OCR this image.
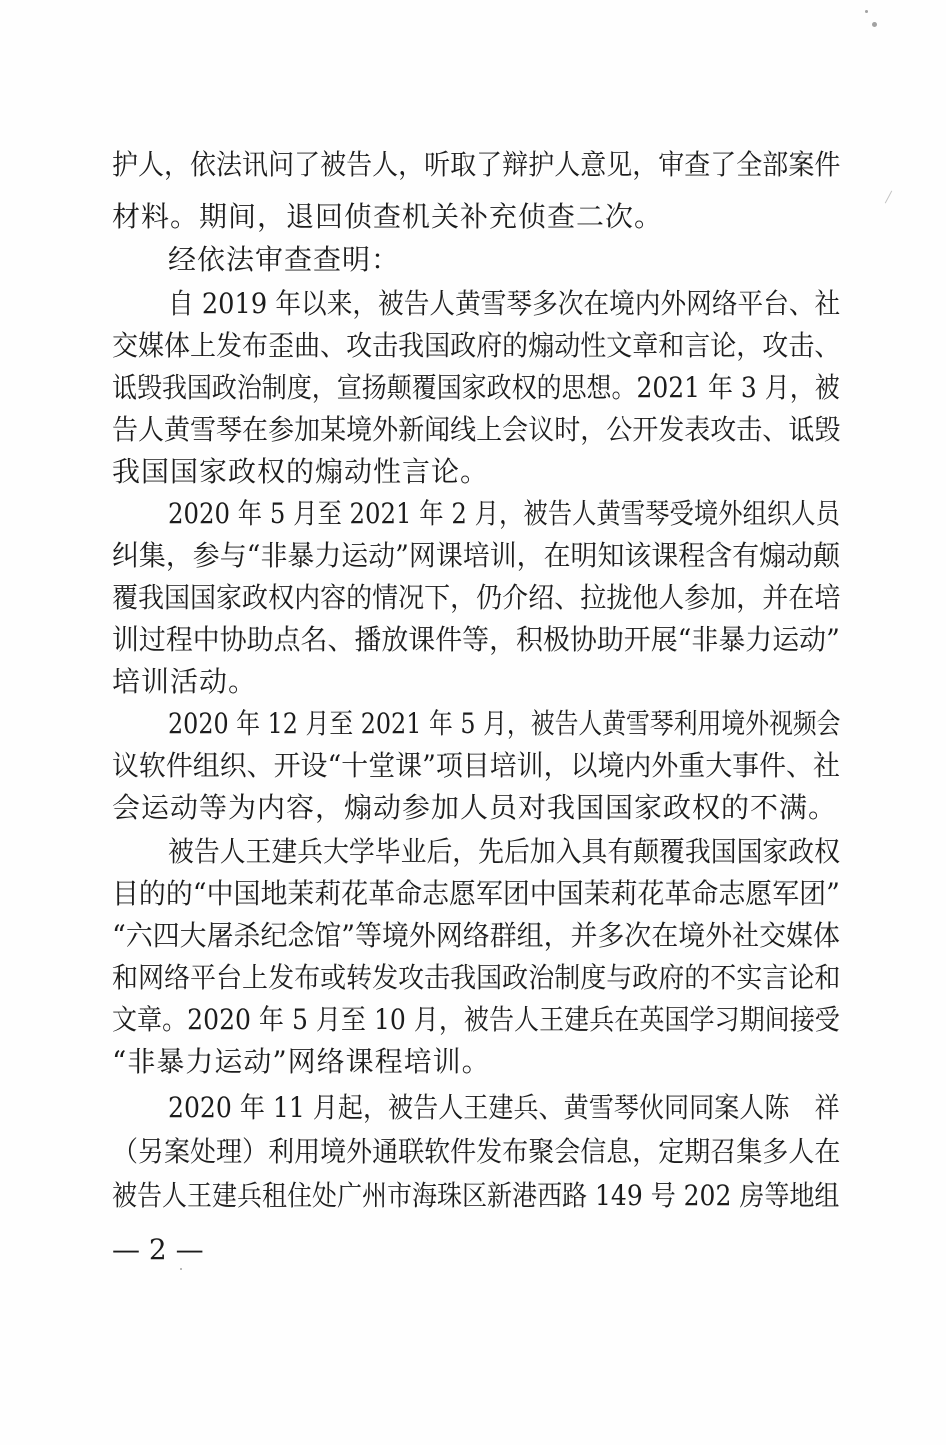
护人，依法讯问了被告人，听取了辩护人意见，审查了全部案件
材料。期间，退回侦查机关补充侦查二次。
经依法审查查明：
自 2019 年以来，被告人黄雪琴多次在境内外网络平台、社
交媒体上发布歪曲、攻击我国政府的煽动性文章和言论，攻击、
诋毁我国政治制度，宣扬颠覆国家政权的思想。2021 年 3 月，被
告人黄雪琴在参加某境外新闻线上会议时，公开发表攻击、诋毁
我国国家政权的煽动性言论。
2020 年 5 月至 2021 年 2 月，被告人黄雪琴受境外组织人员
纠集，参与“非暴力运动”网课培训，在明知该课程含有煽动颠
覆我国国家政权内容的情况下，仍介绍、拉拢他人参加，并在培
训过程中协助点名、播放课件等，积极协助开展“非暴力运动”
培训活动。
2020 年 12 月至 2021 年 5 月，被告人黄雪琴利用境外视频会
议软件组织、开设“十堂课”项目培训，以境内外重大事件、社
会运动等为内容，煽动参加人员对我国国家政权的不满。
被告人王建兵大学毕业后，先后加入具有颠覆我国国家政权
目的的“中国地茉莉花革命志愿军团中国茉莉花革命志愿军团”
“六四大屠杀纪念馆”等境外网络群组，并多次在境外社交媒体
和网络平台上发布或转发攻击我国政治制度与政府的不实言论和
文章。2020 年 5 月至 10 月，被告人王建兵在英国学习期间接受
“非暴力运动”网络课程培训。
2020 年 11 月起，被告人王建兵、黄雪琴伙同同案人陈　祥
（另案处理）利用境外通联软件发布聚会信息，定期召集多人在
被告人王建兵租住处广州市海珠区新港西路 149 号 202 房等地组
— 2 —
